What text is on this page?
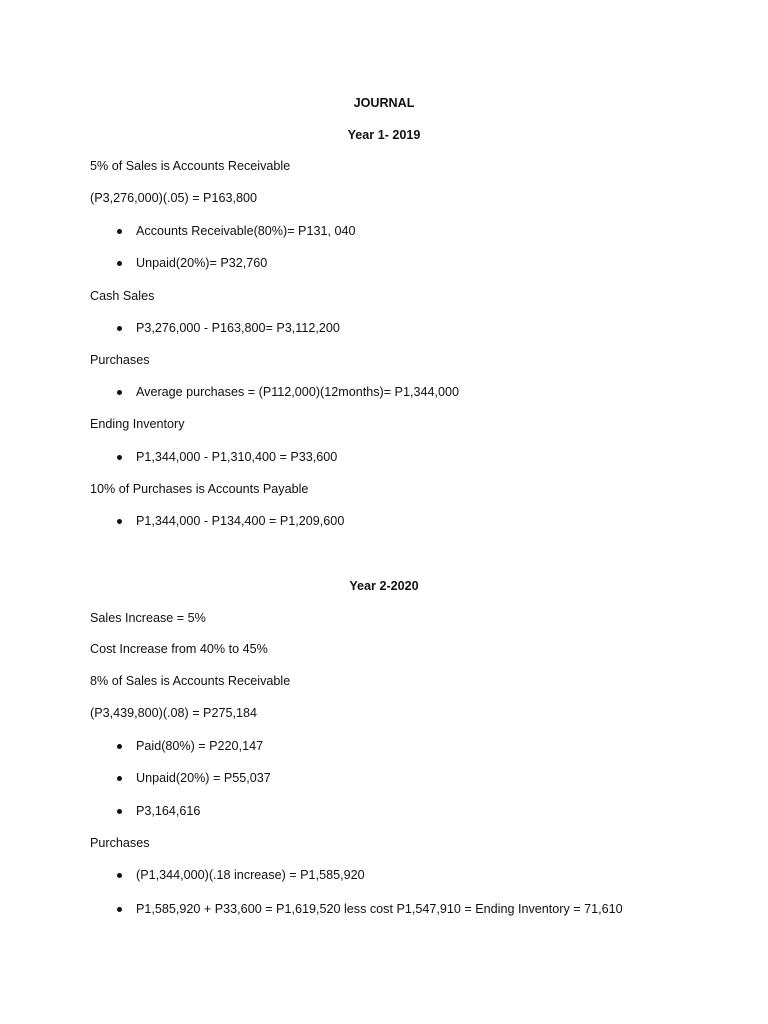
JOURNAL
Year 1- 2019
5% of Sales is Accounts Receivable
(P3,276,000)(.05) = P163,800
Accounts Receivable(80%)= P131, 040
Unpaid(20%)= P32,760
Cash Sales
P3,276,000 - P163,800= P3,112,200
Purchases
Average purchases = (P112,000)(12months)= P1,344,000
Ending Inventory
P1,344,000 - P1,310,400 = P33,600
10% of Purchases is Accounts Payable
P1,344,000 - P134,400 = P1,209,600
Year 2-2020
Sales Increase = 5%
Cost Increase from 40% to 45%
8% of Sales is Accounts Receivable
(P3,439,800)(.08) = P275,184
Paid(80%) = P220,147
Unpaid(20%) = P55,037
P3,164,616
Purchases
(P1,344,000)(.18 increase) = P1,585,920
P1,585,920 + P33,600 = P1,619,520 less cost P1,547,910 = Ending Inventory = 71,610
